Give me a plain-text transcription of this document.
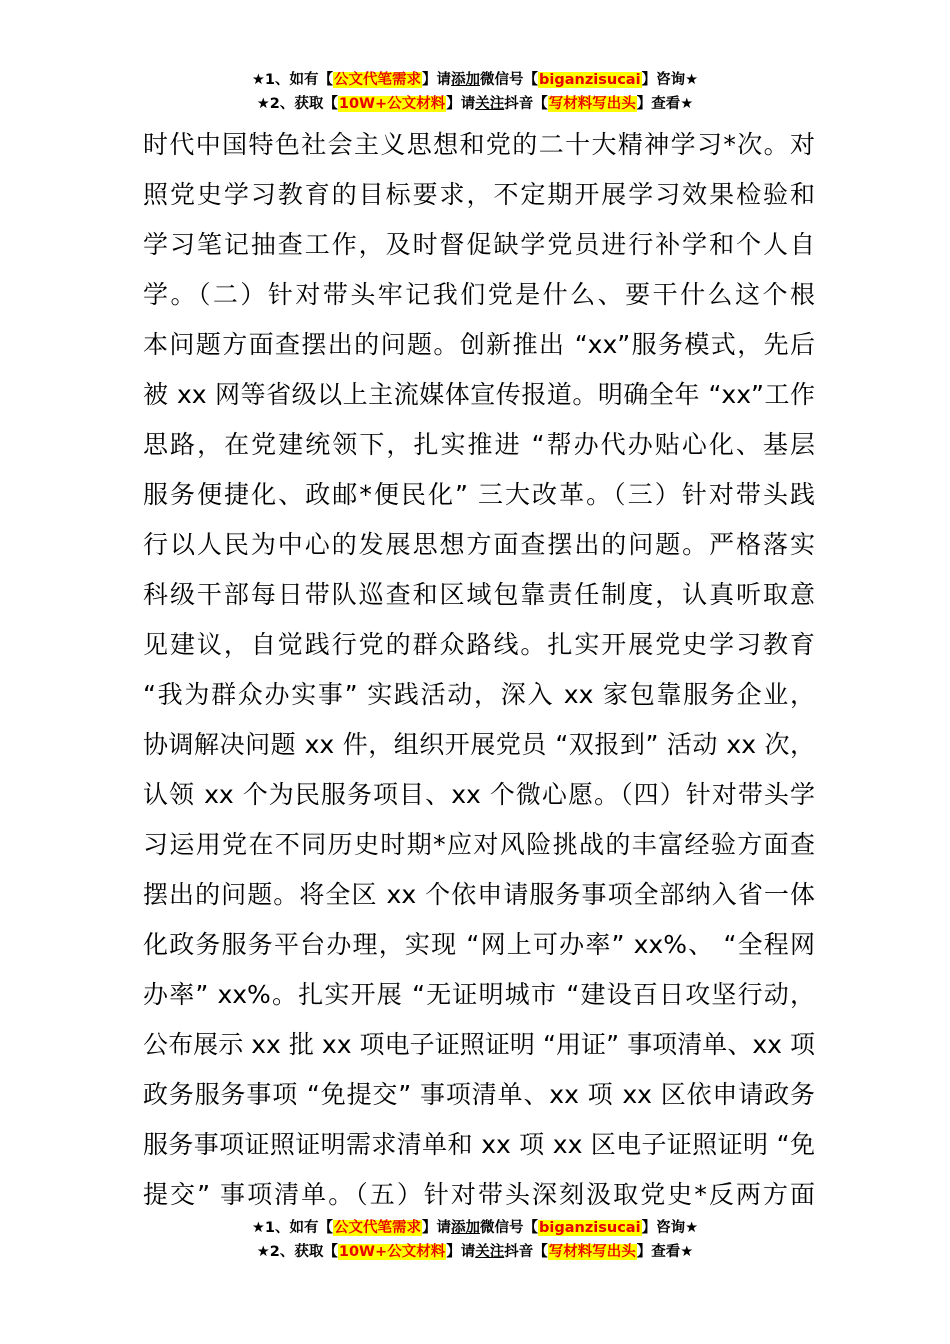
★1、如有【公文代笔需求】请添加微信号【biganzisucai】咨询★
★2、获取【10W+公文材料】请关注抖音【写材料写出头】查看★
时代中国特色社会主义思想和党的二十大精神学习*次。对
照党史学习教育的目标要求，不定期开展学习效果检验和
学习笔记抽查工作，及时督促缺学党员进行补学和个人自
学。（二）针对带头牢记我们党是什么、要干什么这个根
本问题方面查摆出的问题。创新推出 “xx”服务模式，先后
被 xx 网等省级以上主流媒体宣传报道。明确全年 “xx”工作
思路，在党建统领下，扎实推进 “帮办代办贴心化、基层
服务便捷化、政邮*便民化” 三大改革。（三）针对带头践
行以人民为中心的发展思想方面查摆出的问题。严格落实
科级干部每日带队巡查和区域包靠责任制度，认真听取意
见建议，自觉践行党的群众路线。扎实开展党史学习教育
“我为群众办实事” 实践活动，深入 xx 家包靠服务企业，
协调解决问题 xx 件，组织开展党员 “双报到” 活动 xx 次，
认领 xx 个为民服务项目、xx 个微心愿。（四）针对带头学
习运用党在不同历史时期*应对风险挑战的丰富经验方面查
摆出的问题。将全区 xx 个依申请服务事项全部纳入省一体
化政务服务平台办理，实现 “网上可办率” xx%、 “全程网
办率” xx%。扎实开展 “无证明城市 “建设百日攻坚行动，
公布展示 xx 批 xx 项电子证照证明 “用证” 事项清单、xx 项
政务服务事项 “免提交” 事项清单、xx 项 xx 区依申请政务
服务事项证照证明需求清单和 xx 项 xx 区电子证照证明 “免
提交” 事项清单。（五）针对带头深刻汲取党史*反两方面
★1、如有【公文代笔需求】请添加微信号【biganzisucai】咨询★
★2、获取【10W+公文材料】请关注抖音【写材料写出头】查看★
